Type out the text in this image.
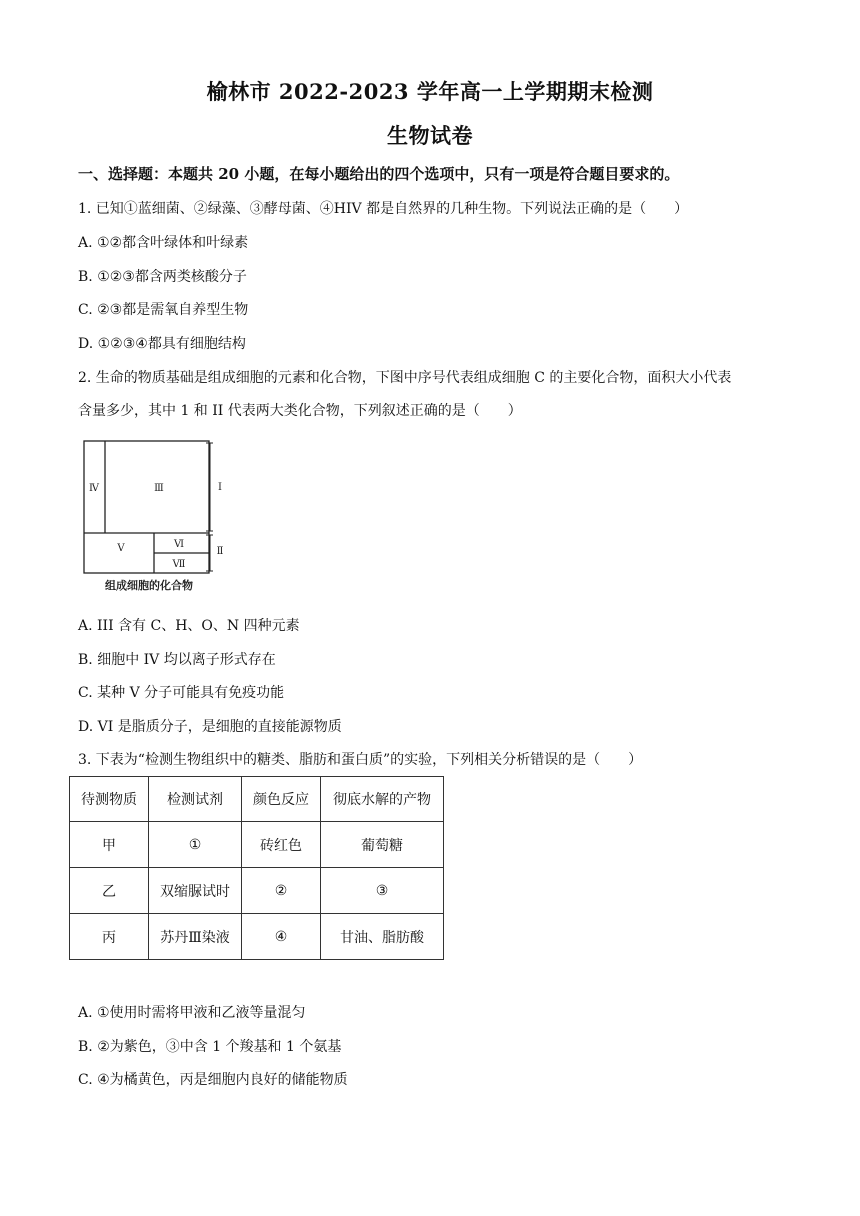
榆林市 2022-2023 学年高一上学期期末检测
生物试卷
一、选择题：本题共 20 小题，在每小题给出的四个选项中，只有一项是符合题目要求的。
1. 已知①蓝细菌、②绿藻、③酵母菌、④HIV 都是自然界的几种生物。下列说法正确的是（　　）
A. ①②都含叶绿体和叶绿素
B. ①②③都含两类核酸分子
C. ②③都是需氧自养型生物
D. ①②③④都具有细胞结构
2. 生命的物质基础是组成细胞的元素和化合物，下图中序号代表组成细胞 C 的主要化合物，面积大小代表
含量多少，其中 1 和 II 代表两大类化合物，下列叙述正确的是（　　）
Ⅳ	Ⅲ	Ⅰ
Ⅴ	Ⅵ
Ⅶ
Ⅱ
组成细胞的化合物
A. III 含有 C、H、O、N 四种元素
B. 细胞中 IV 均以离子形式存在
C. 某种 V 分子可能具有免疫功能
D. VI 是脂质分子，是细胞的直接能源物质
3. 下表为“检测生物组织中的糖类、脂肪和蛋白质”的实验，下列相关分析错误的是（　　）
待测物质	检测试剂	颜色反应	彻底水解的产物
甲	①	砖红色	葡萄糖
乙	双缩脲试时	②	③
丙	苏丹Ⅲ染液	④	甘油、脂肪酸
A. ①使用时需将甲液和乙液等量混匀
B. ②为紫色，③中含 1 个羧基和 1 个氨基
C. ④为橘黄色，丙是细胞内良好的储能物质
